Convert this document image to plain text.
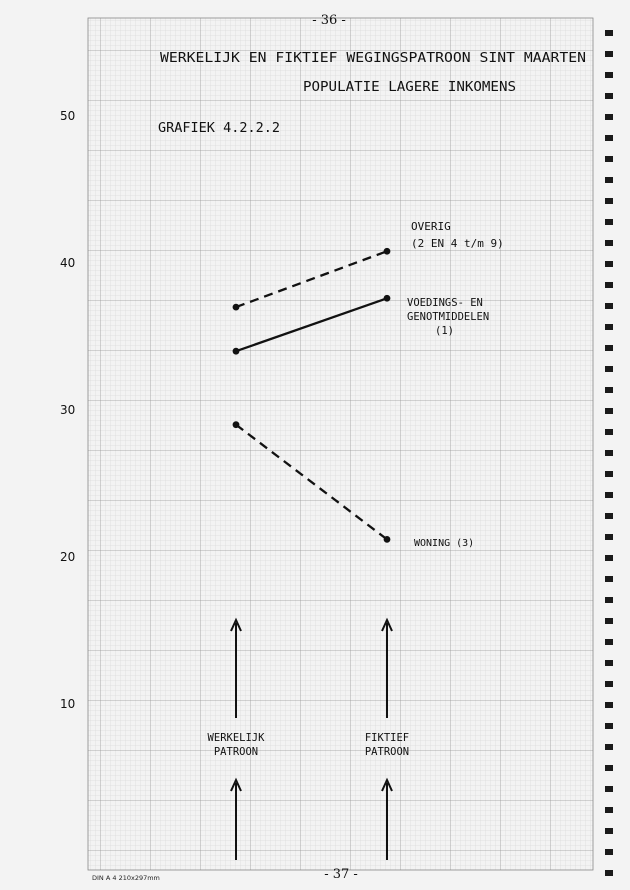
- 36 -
- 37 -
DIN A 4 210x297mm
WERKELIJK EN FIKTIEF WEGINGSPATROON SINT MAARTEN
POPULATIE LAGERE INKOMENS
GRAFIEK 4.2.2.2
10
20
30
40
50
OVERIG
(2 EN 4 t/m 9)
VOEDINGS- EN
GENOTMIDDELEN
(1)
WONING (3)
WERKELIJK
PATROON
FIKTIEF
PATROON
